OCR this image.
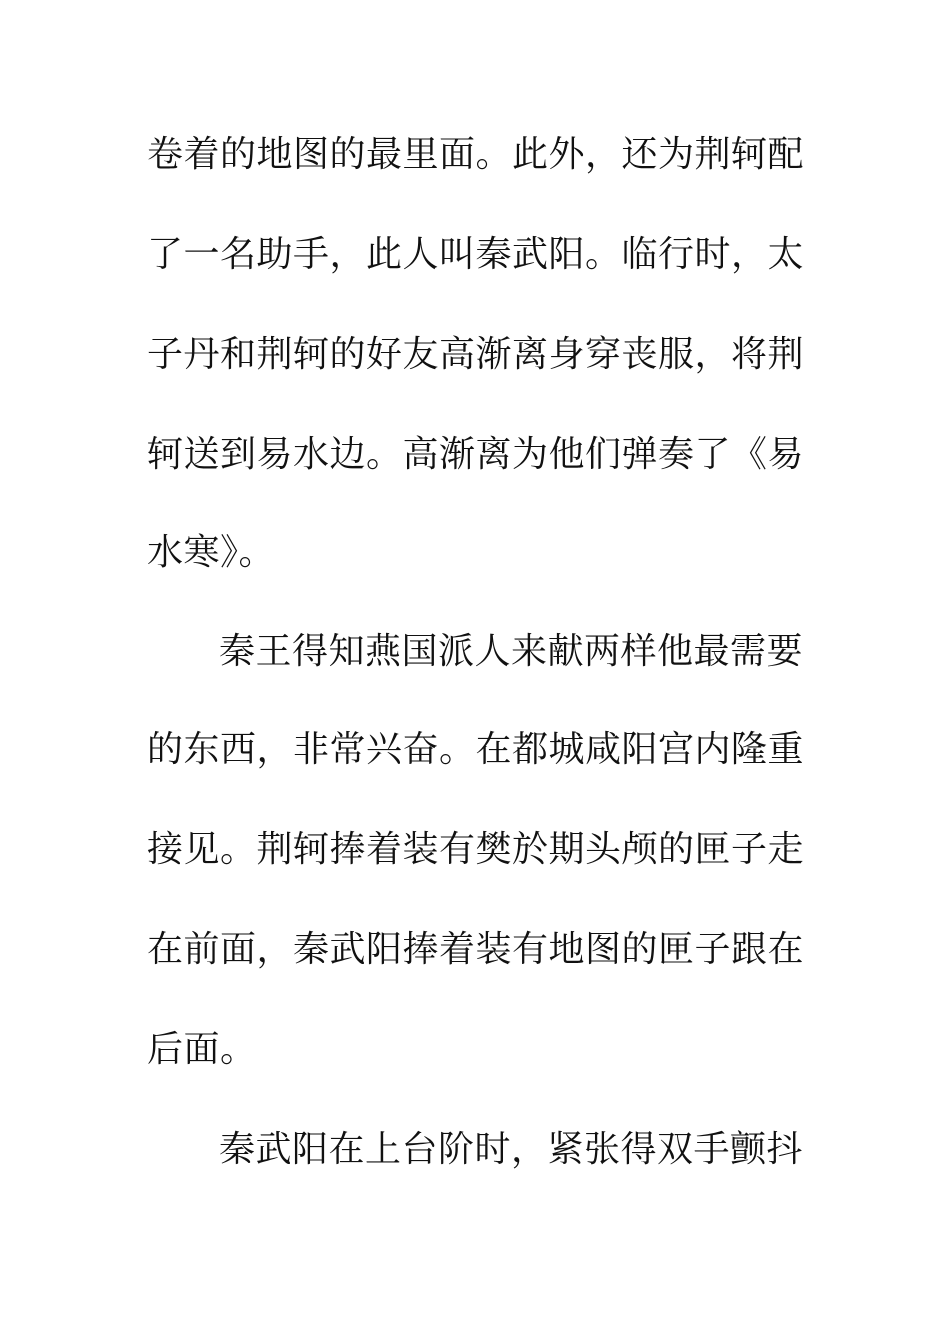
卷着的地图的最里面。此外，还为荆轲配
了一名助手，此人叫秦武阳。临行时，太
子丹和荆轲的好友高渐离身穿丧服，将荆
轲送到易水边。高渐离为他们弹奏了《易
水寒》。
秦王得知燕国派人来献两样他最需要
的东西，非常兴奋。在都城咸阳宫内隆重
接见。荆轲捧着装有樊於期头颅的匣子走
在前面，秦武阳捧着装有地图的匣子跟在
后面。
秦武阳在上台阶时，紧张得双手颤抖
